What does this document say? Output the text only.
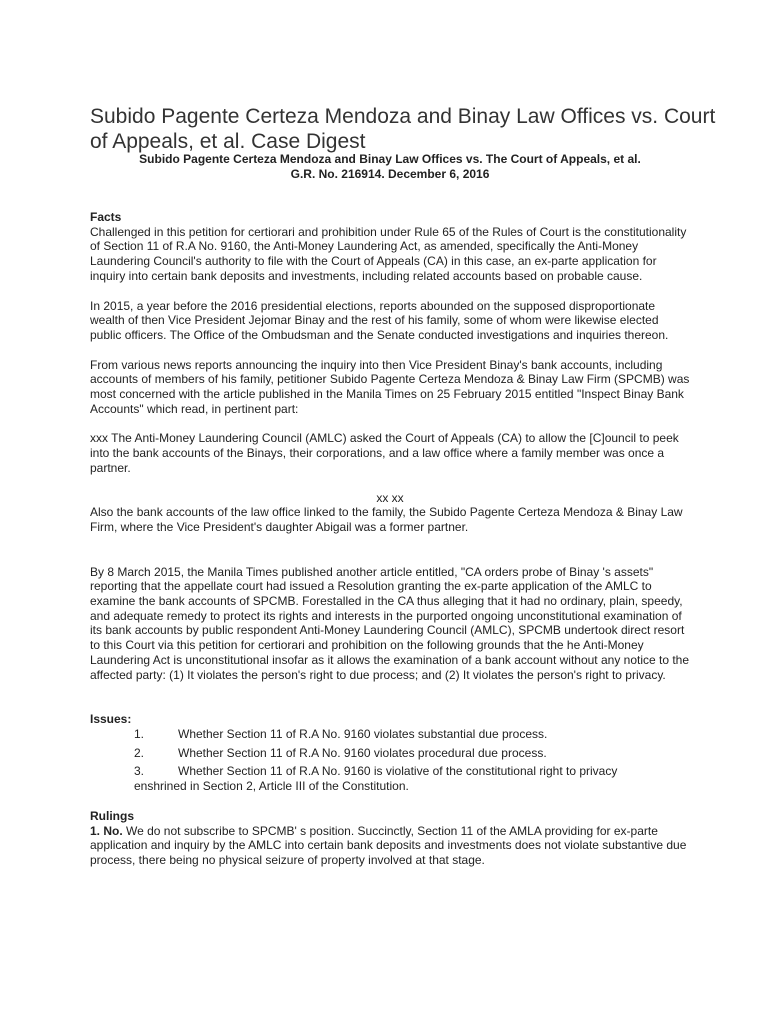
Subido Pagente Certeza Mendoza and Binay Law Offices vs. Court of Appeals, et al. Case Digest
Subido Pagente Certeza Mendoza and Binay Law Offices vs. The Court of Appeals, et al.
G.R. No. 216914. December 6, 2016

Facts

Challenged in this petition for certiorari and prohibition under Rule 65 of the Rules of Court is the constitutionality of Section 11 of R.A No. 9160, the Anti-Money Laundering Act, as amended, specifically the Anti-Money Laundering Council's authority to file with the Court of Appeals (CA) in this case, an ex-parte application for inquiry into certain bank deposits and investments, including related accounts based on probable cause.

In 2015, a year before the 2016 presidential elections, reports abounded on the supposed disproportionate wealth of then Vice President Jejomar Binay and the rest of his family, some of whom were likewise elected public officers. The Office of the Ombudsman and the Senate conducted investigations and inquiries thereon.

From various news reports announcing the inquiry into then Vice President Binay's bank accounts, including accounts of members of his family, petitioner Subido Pagente Certeza Mendoza & Binay Law Firm (SPCMB) was most concerned with the article published in the Manila Times on 25 February 2015 entitled "Inspect Binay Bank Accounts" which read, in pertinent part:

xxx The Anti-Money Laundering Council (AMLC) asked the Court of Appeals (CA) to allow the [C]ouncil to peek into the bank accounts of the Binays, their corporations, and a law office where a family member was once a partner.

xx xx

Also the bank accounts of the law office linked to the family, the Subido Pagente Certeza Mendoza & Binay Law Firm, where the Vice President's daughter Abigail was a former partner.

By 8 March 2015, the Manila Times published another article entitled, "CA orders probe of Binay 's assets" reporting that the appellate court had issued a Resolution granting the ex-parte application of the AMLC to examine the bank accounts of SPCMB. Forestalled in the CA thus alleging that it had no ordinary, plain, speedy, and adequate remedy to protect its rights and interests in the purported ongoing unconstitutional examination of its bank accounts by public respondent Anti-Money Laundering Council (AMLC), SPCMB undertook direct resort to this Court via this petition for certiorari and prohibition on the following grounds that the he Anti-Money Laundering Act is unconstitutional insofar as it allows the examination of a bank account without any notice to the affected party: (1) It violates the person's right to due process; and (2) It violates the person's right to privacy.

Issues:

1.	Whether Section 11 of R.A No. 9160 violates substantial due process.
2.	Whether Section 11 of R.A No. 9160 violates procedural due process.
3.	Whether Section 11 of R.A No. 9160 is violative of the constitutional right to privacy

enshrined in Section 2, Article III of the Constitution.

Rulings

1. No. We do not subscribe to SPCMB' s position. Succinctly, Section 11 of the AMLA providing for ex-parte application and inquiry by the AMLC into certain bank deposits and investments does not violate substantive due process, there being no physical seizure of property involved at that stage.
